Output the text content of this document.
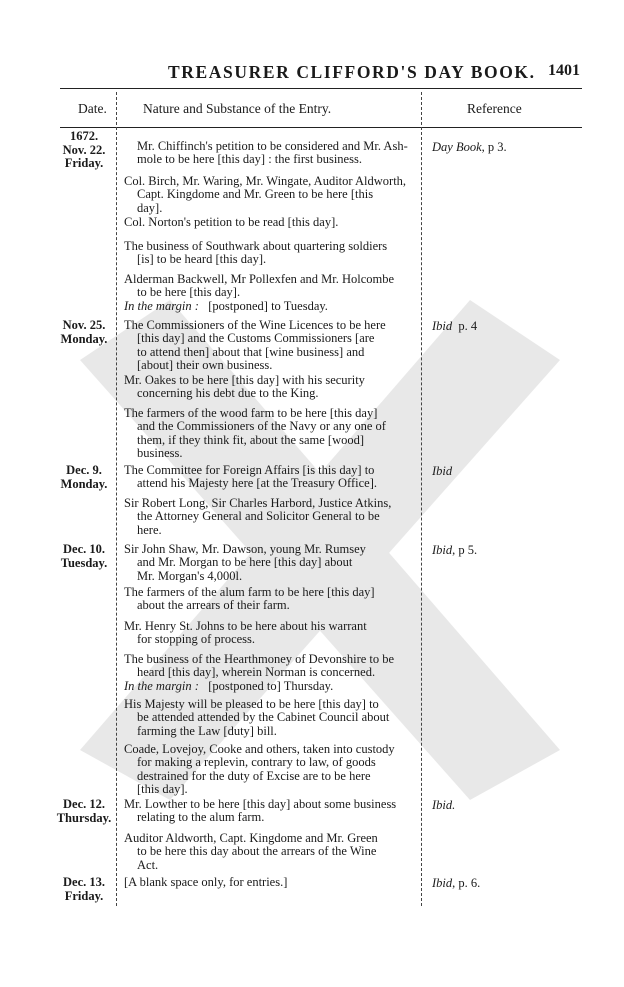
TREASURER CLIFFORD'S DAY BOOK. 1401
Date.	Nature and Substance of the Entry.	Reference
1672.
Nov. 22.
Friday.
Day Book, p 3.
Mr. Chiffinch's petition to be considered and Mr. Ash-
mole to be here [this day] : the first business.
Col. Birch, Mr. Waring, Mr. Wingate, Auditor Aldworth,
Capt. Kingdome and Mr. Green to be here [this
day].
Col. Norton's petition to be read [this day].
The business of Southwark about quartering soldiers
[is] to be heard [this day].
Alderman Backwell, Mr Pollexfen and Mr. Holcombe
to be here [this day].
In the margin : [postponed] to Tuesday.
Nov. 25.
Monday.
Ibid p. 4
The Commissioners of the Wine Licences to be here
[this day] and the Customs Commissioners [are
to attend then] about that [wine business] and
[about] their own business.
Mr. Oakes to be here [this day] with his security
concerning his debt due to the King.
The farmers of the wood farm to be here [this day]
and the Commissioners of the Navy or any one of
them, if they think fit, about the same [wood]
business.
Dec. 9.
Monday.
Ibid
The Committee for Foreign Affairs [is this day] to
attend his Majesty here [at the Treasury Office].
Sir Robert Long, Sir Charles Harbord, Justice Atkins,
the Attorney General and Solicitor General to be
here.
Dec. 10.
Tuesday.
Ibid, p 5.
Sir John Shaw, Mr. Dawson, young Mr. Rumsey
and Mr. Morgan to be here [this day] about
Mr. Morgan's 4,000l.
The farmers of the alum farm to be here [this day]
about the arrears of their farm.
Mr. Henry St. Johns to be here about his warrant
for stopping of process.
The business of the Hearthmoney of Devonshire to be
heard [this day], wherein Norman is concerned.
In the margin : [postponed to] Thursday.
His Majesty will be pleased to be here [this day] to
be attended attended by the Cabinet Council about
farming the Law [duty] bill.
Coade, Lovejoy, Cooke and others, taken into custody
for making a replevin, contrary to law, of goods
destrained for the duty of Excise are to be here
[this day].
Dec. 12.
Thursday.
Ibid.
Mr. Lowther to be here [this day] about some business
relating to the alum farm.
Auditor Aldworth, Capt. Kingdome and Mr. Green
to be here this day about the arrears of the Wine
Act.
Dec. 13.
Friday.
Ibid, p. 6.
[A blank space only, for entries.]
